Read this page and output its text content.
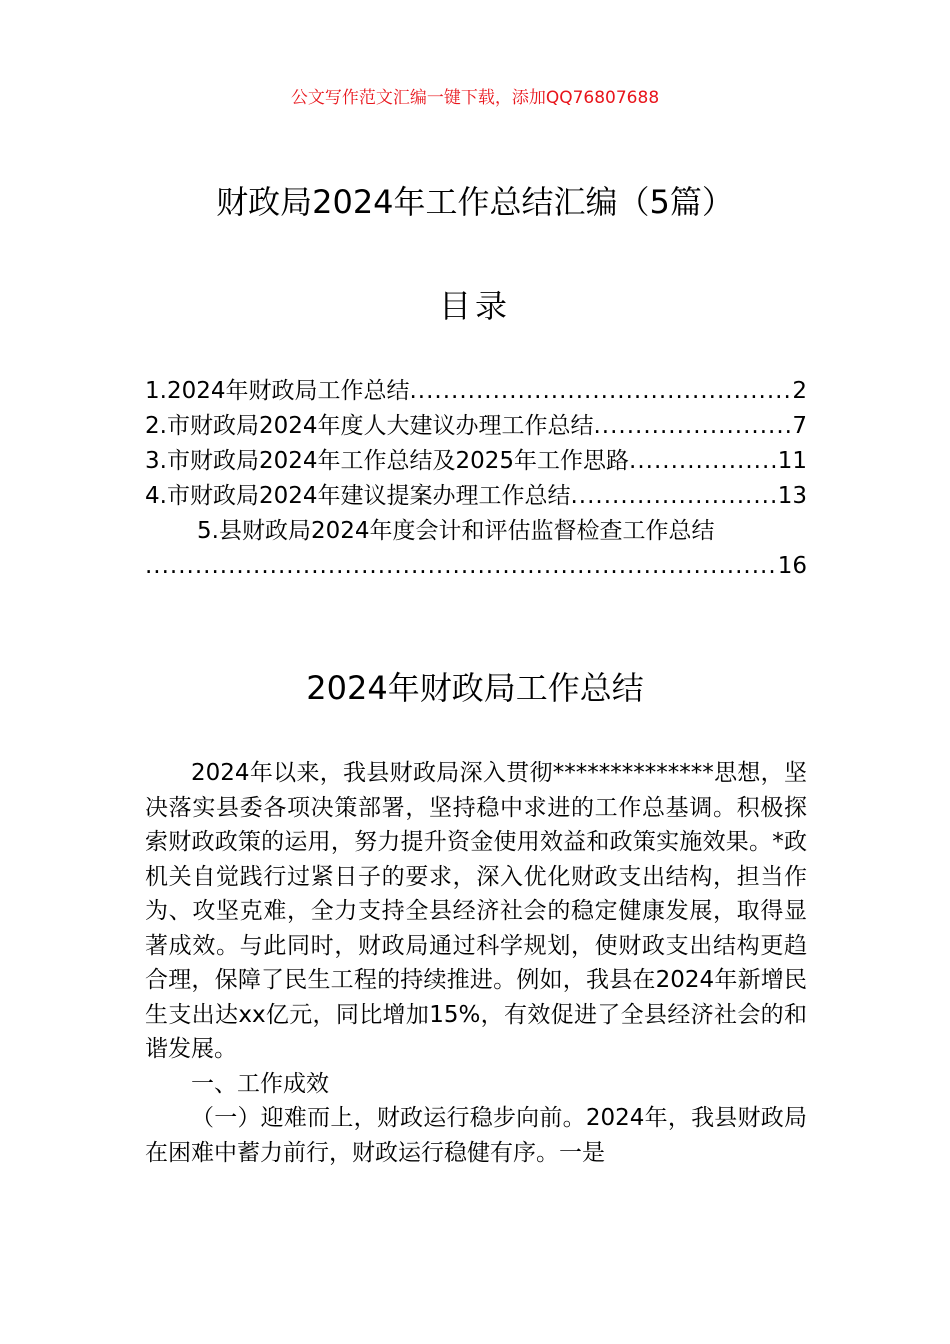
公文写作范文汇编一键下载，添加QQ76807688
财政局2024年工作总结汇编（5篇）
目录
1.2024年财政局工作总结 .....	2
2.市财政局2024年度人大建议办理工作总结 .....	7
3.市财政局2024年工作总结及2025年工作思路 .....	11
4.市财政局2024年建议提案办理工作总结 .....	13
5.县财政局2024年度会计和评估监督检查工作总结
.....
16
2024年财政局工作总结

2024年以来，我县财政局深入贯彻**************思想，坚决落实县委各项决策部署，坚持稳中求进的工作总基调。积极探索财政政策的运用，努力提升资金使用效益和政策实施效果。*政机关自觉践行过紧日子的要求，深入优化财政支出结构，担当作为、攻坚克难，全力支持全县经济社会的稳定健康发展，取得显著成效。与此同时，财政局通过科学规划，使财政支出结构更趋合理，保障了民生工程的持续推进。例如，我县在2024年新增民生支出达xx亿元，同比增加15%，有效促进了全县经济社会的和谐发展。

一、工作成效

（一）迎难而上，财政运行稳步向前。2024年，我县财政局在困难中蓄力前行，财政运行稳健有序。一是
